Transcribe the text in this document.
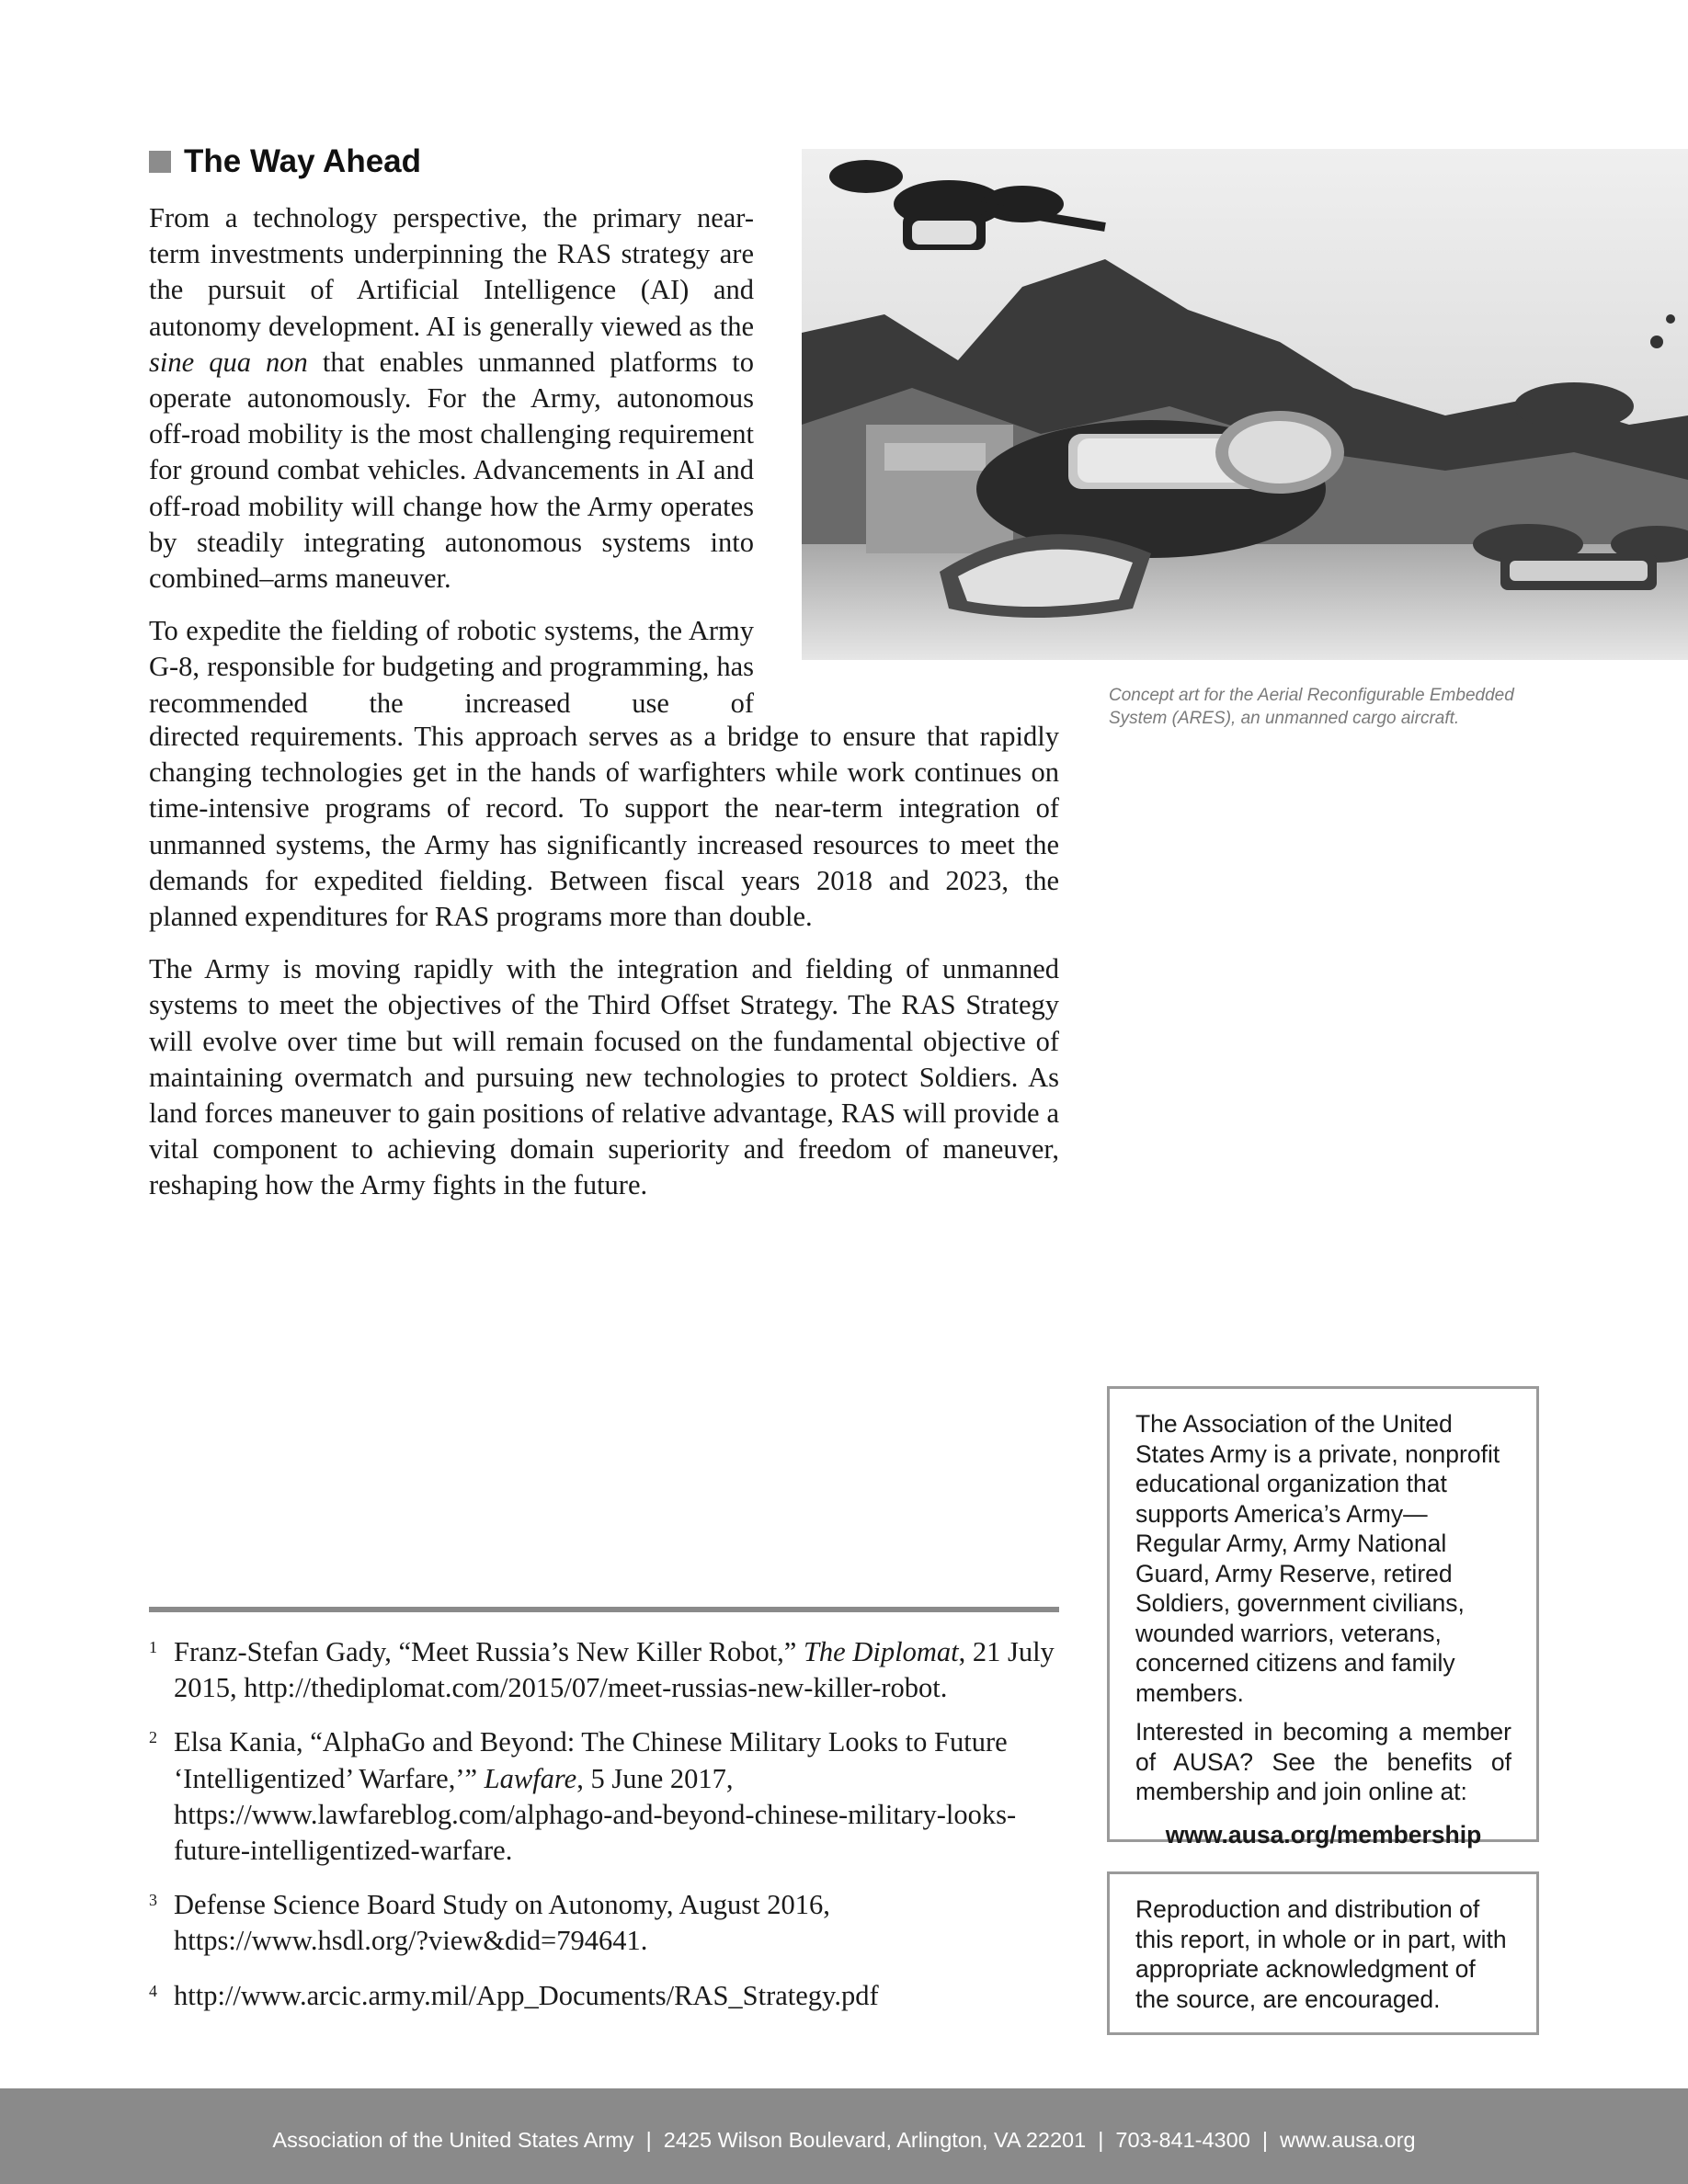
The Way Ahead

From a technology perspective, the primary near-term investments underpinning the RAS strategy are the pursuit of Artificial Intelligence (AI) and autonomy development. AI is generally viewed as the sine qua non that enables unmanned platforms to operate autonomously. For the Army, autonomous off-road mobility is the most challenging requirement for ground combat vehicles. Advancements in AI and off-road mobility will change how the Army operates by steadily integrating autonomous systems into combined–arms maneuver.

To expedite the fielding of robotic systems, the Army G-8, responsible for budgeting and programming, has recommended the increased use of

directed requirements. This approach serves as a bridge to ensure that rapidly changing technologies get in the hands of warfighters while work continues on time-intensive programs of record. To support the near-term integration of unmanned systems, the Army has significantly increased resources to meet the demands for expedited fielding. Between fiscal years 2018 and 2023, the planned expenditures for RAS programs more than double.

The Army is moving rapidly with the integration and fielding of unmanned systems to meet the objectives of the Third Offset Strategy. The RAS Strategy will evolve over time but will remain focused on the fundamental objective of maintaining overmatch and pursuing new technologies to protect Soldiers. As land forces maneuver to gain positions of relative advantage, RAS will provide a vital component to achieving domain superiority and freedom of maneuver, reshaping how the Army fights in the future.

Concept art for the Aerial Reconfigurable Embedded System (ARES), an unmanned cargo aircraft.
1 Franz-Stefan Gady, “Meet Russia’s New Killer Robot,” The Diplomat, 21 July 2015, http://thediplomat.com/2015/07/meet-russias-new-killer-robot.
2 Elsa Kania, “AlphaGo and Beyond: The Chinese Military Looks to Future ‘Intelligentized’ Warfare,’” Lawfare, 5 June 2017, https://www.lawfareblog.com/alphago-and-beyond-chinese-military-looks-future-intelligentized-warfare.
3 Defense Science Board Study on Autonomy, August 2016, https://www.hsdl.org/?view&did=794641.
4 http://www.arcic.army.mil/App_Documents/RAS_Strategy.pdf

The Association of the United States Army is a private, nonprofit educational organization that supports America’s Army—Regular Army, Army National Guard, Army Reserve, retired Soldiers, government civilians, wounded warriors, veterans, concerned citizens and family members.

Interested in becoming a member of AUSA? See the benefits of membership and join online at:

www.ausa.org/membership

Reproduction and distribution of this report, in whole or in part, with appropriate acknowledgment of the source, are encouraged.

Association of the United States Army  |  2425 Wilson Boulevard, Arlington, VA 22201  |  703-841-4300  |  www.ausa.org
